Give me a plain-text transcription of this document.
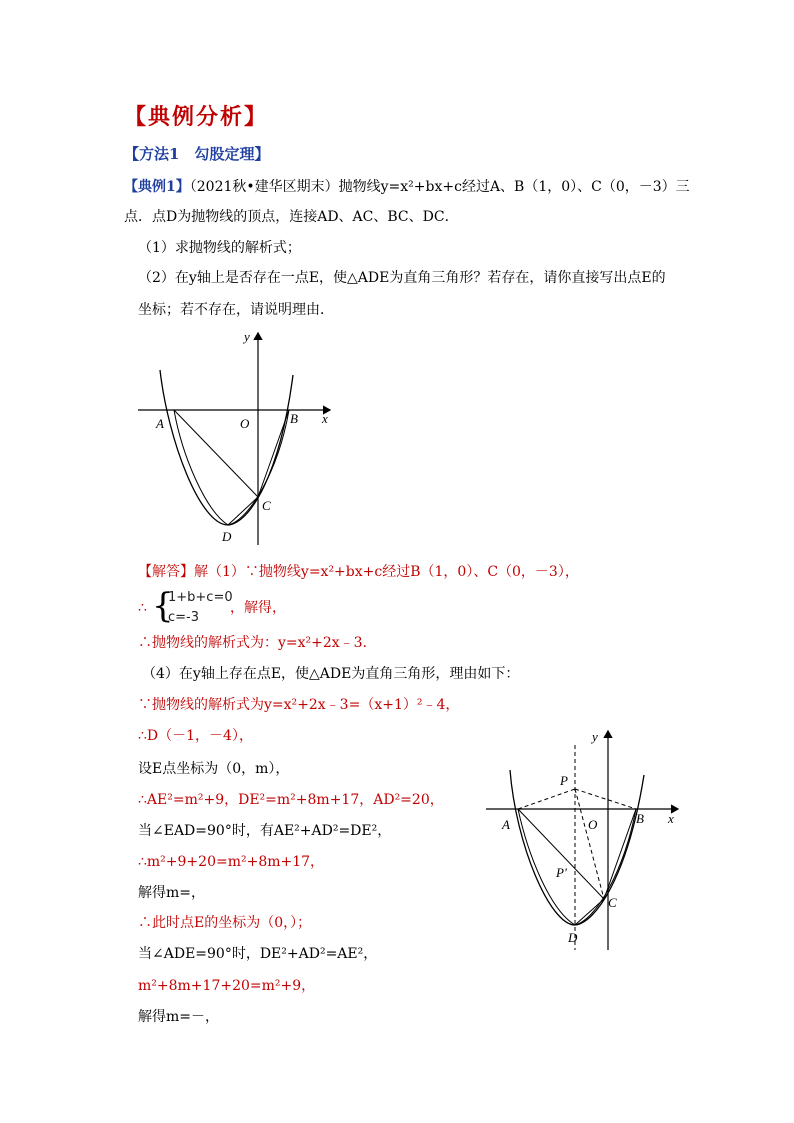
【典例分析】
【方法1　勾股定理】
【典例1】（2021秋•建华区期末）抛物线y=x²+bx+c经过A、B（1，0）、C（0，－3）三
点．点D为抛物线的顶点，连接AD、AC、BC、DC．
（1）求抛物线的解析式；
（2）在y轴上是否存在一点E，使△ADE为直角三角形？若存在，请你直接写出点E的
坐标；若不存在，请说明理由．
y
x
O
A	B
C
D
【解答】解（1）∵抛物线y=x²+bx+c经过B（1，0）、C（0，－3），
∴ {
1+b+c=0
c=-3
，解得，
∴抛物线的解析式为：y=x²+2x﹣3．
（4）在y轴上存在点E，使△ADE为直角三角形，理由如下：
∵抛物线的解析式为y=x²+2x﹣3=（x+1）²﹣4，
∴D（－1，－4），
设E点坐标为（0，m），
∴AE²=m²+9，DE²=m²+8m+17，AD²=20，
当∠EAD=90°时，有AE²+AD²=DE²，
∴m²+9+20=m²+8m+17，
解得m=，
∴此时点E的坐标为（0，）；
当∠ADE=90°时，DE²+AD²=AE²，
m²+8m+17+20=m²+9，
解得m=－，
y
x
O
A	B
C
D
P
P'
